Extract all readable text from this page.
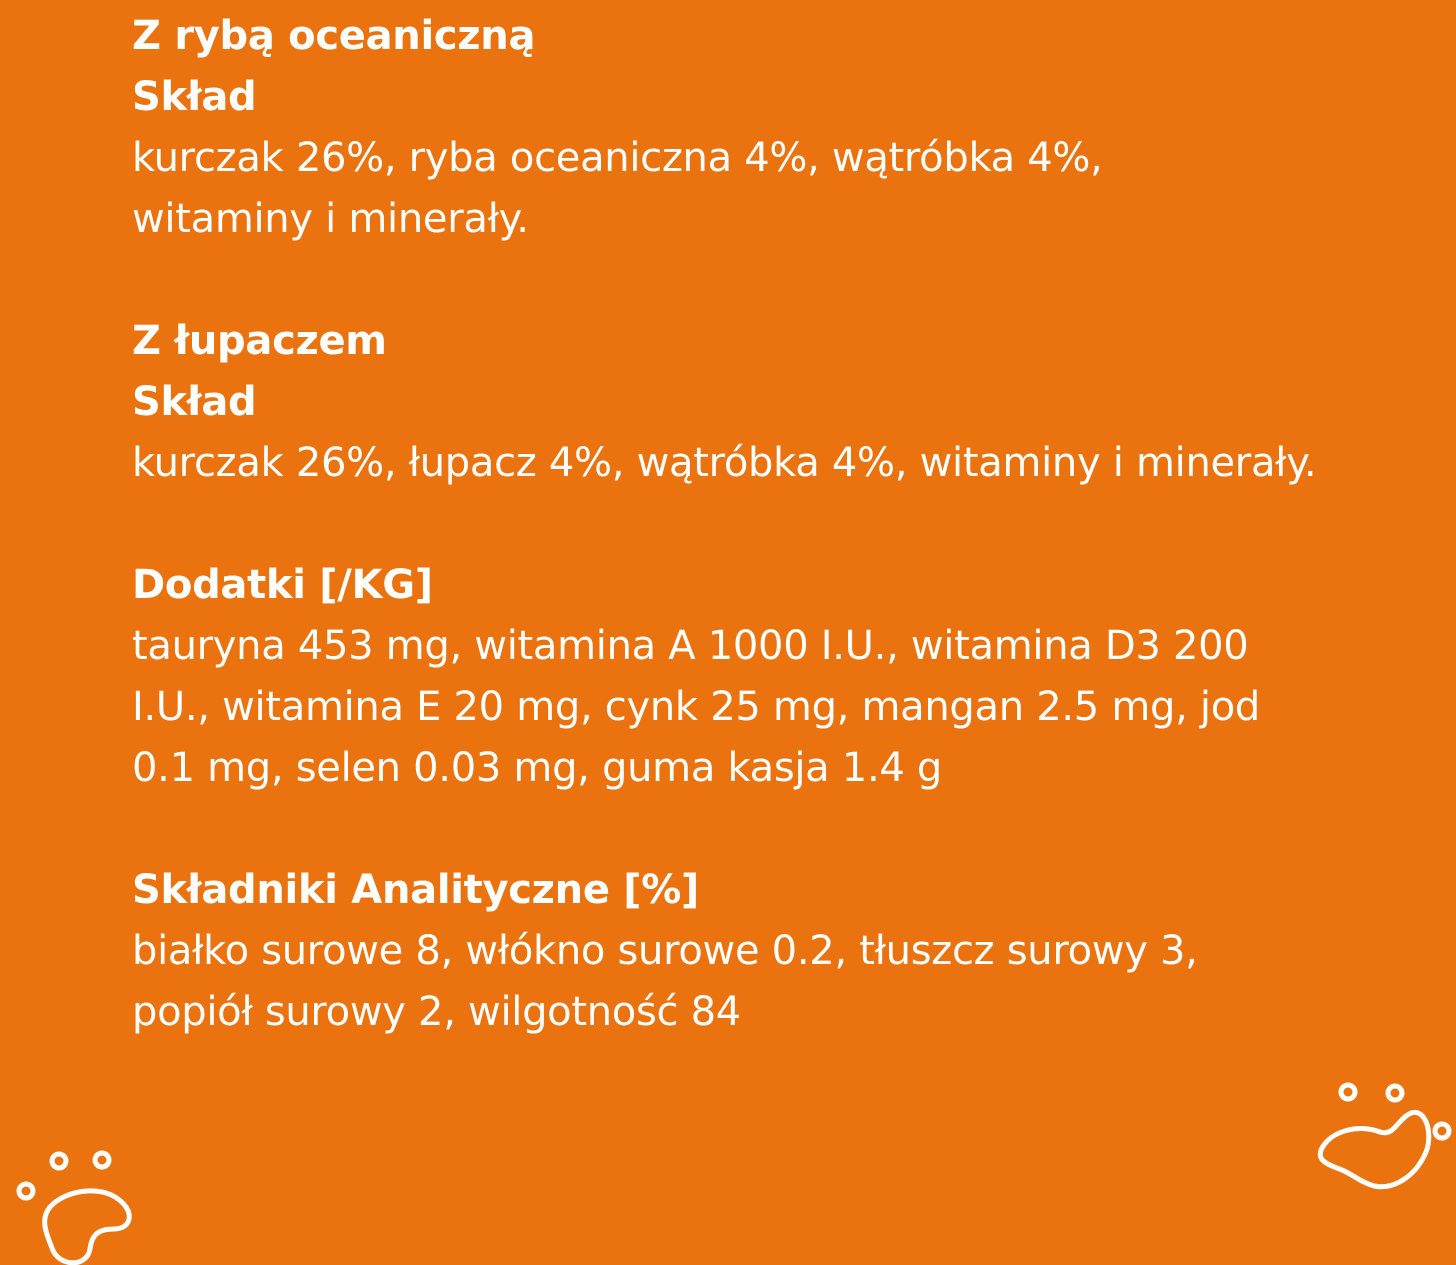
Z rybą oceaniczną
Skład
kurczak 26%, ryba oceaniczna 4%, wątróbka 4%,
witaminy i minerały.
Z łupaczem
Skład
kurczak 26%, łupacz 4%, wątróbka 4%, witaminy i minerały.
Dodatki [/KG]
tauryna 453 mg, witamina A 1000 I.U., witamina D3 200
I.U., witamina E 20 mg, cynk 25 mg, mangan 2.5 mg, jod
0.1 mg, selen 0.03 mg, guma kasja 1.4 g
Składniki Analityczne [%]
białko surowe 8, włókno surowe 0.2, tłuszcz surowy 3,
popiół surowy 2, wilgotność 84
